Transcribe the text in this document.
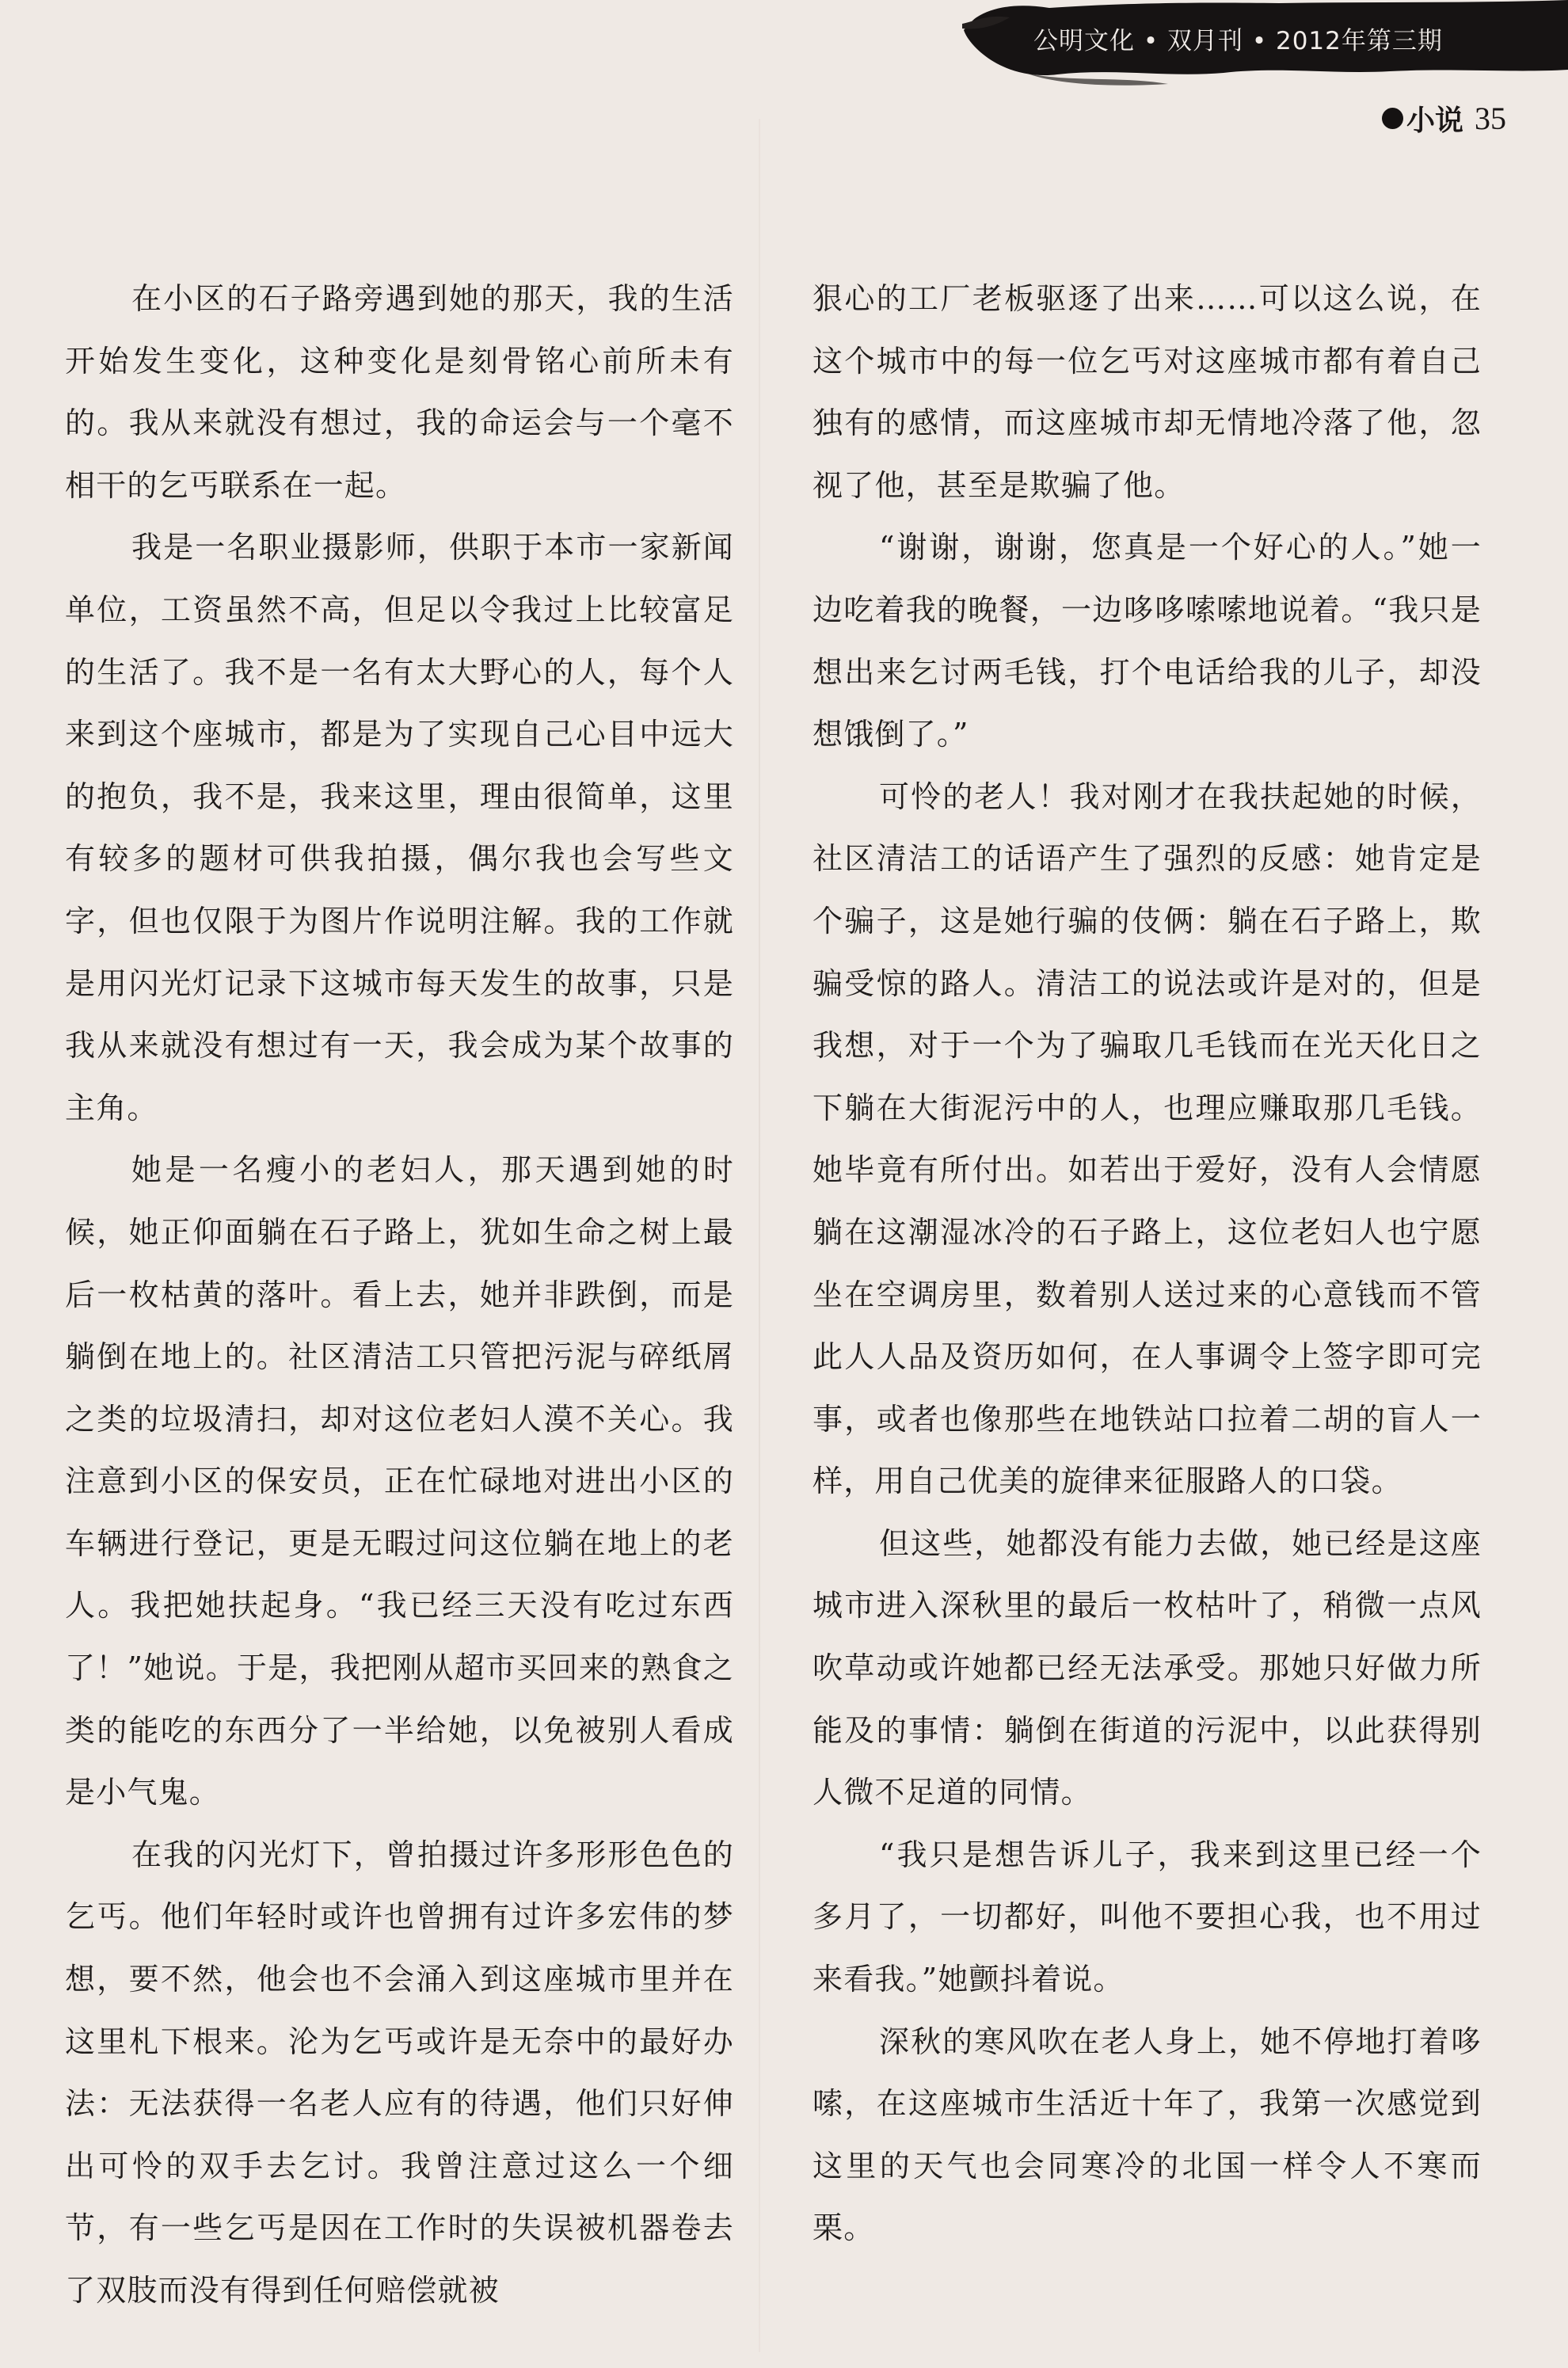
公明文化 • 双月刊 • 2012年第三期
小说 35

在小区的石子路旁遇到她的那天，我的生活开始发生变化，这种变化是刻骨铭心前所未有的。我从来就没有想过，我的命运会与一个毫不相干的乞丐联系在一起。

我是一名职业摄影师，供职于本市一家新闻单位，工资虽然不高，但足以令我过上比较富足的生活了。我不是一名有太大野心的人，每个人来到这个座城市，都是为了实现自己心目中远大的抱负，我不是，我来这里，理由很简单，这里有较多的题材可供我拍摄，偶尔我也会写些文字，但也仅限于为图片作说明注解。我的工作就是用闪光灯记录下这城市每天发生的故事，只是我从来就没有想过有一天，我会成为某个故事的主角。

她是一名瘦小的老妇人，那天遇到她的时候，她正仰面躺在石子路上，犹如生命之树上最后一枚枯黄的落叶。看上去，她并非跌倒，而是躺倒在地上的。社区清洁工只管把污泥与碎纸屑之类的垃圾清扫，却对这位老妇人漠不关心。我注意到小区的保安员，正在忙碌地对进出小区的车辆进行登记，更是无暇过问这位躺在地上的老人。我把她扶起身。“我已经三天没有吃过东西了！”她说。于是，我把刚从超市买回来的熟食之类的能吃的东西分了一半给她，以免被别人看成是小气鬼。

在我的闪光灯下，曾拍摄过许多形形色色的乞丐。他们年轻时或许也曾拥有过许多宏伟的梦想，要不然，他会也不会涌入到这座城市里并在这里札下根来。沦为乞丐或许是无奈中的最好办法：无法获得一名老人应有的待遇，他们只好伸出可怜的双手去乞讨。我曾注意过这么一个细节，有一些乞丐是因在工作时的失误被机器卷去了双肢而没有得到任何赔偿就被

狠心的工厂老板驱逐了出来……可以这么说，在这个城市中的每一位乞丐对这座城市都有着自己独有的感情，而这座城市却无情地冷落了他，忽视了他，甚至是欺骗了他。

“谢谢，谢谢，您真是一个好心的人。”她一边吃着我的晚餐，一边哆哆嗦嗦地说着。“我只是想出来乞讨两毛钱，打个电话给我的儿子，却没想饿倒了。”

可怜的老人！我对刚才在我扶起她的时候，社区清洁工的话语产生了强烈的反感：她肯定是个骗子，这是她行骗的伎俩：躺在石子路上，欺骗受惊的路人。清洁工的说法或许是对的，但是我想，对于一个为了骗取几毛钱而在光天化日之下躺在大街泥污中的人，也理应赚取那几毛钱。她毕竟有所付出。如若出于爱好，没有人会情愿躺在这潮湿冰冷的石子路上，这位老妇人也宁愿坐在空调房里，数着别人送过来的心意钱而不管此人人品及资历如何，在人事调令上签字即可完事，或者也像那些在地铁站口拉着二胡的盲人一样，用自己优美的旋律来征服路人的口袋。

但这些，她都没有能力去做，她已经是这座城市进入深秋里的最后一枚枯叶了，稍微一点风吹草动或许她都已经无法承受。那她只好做力所能及的事情：躺倒在街道的污泥中，以此获得别人微不足道的同情。

“我只是想告诉儿子，我来到这里已经一个多月了，一切都好，叫他不要担心我，也不用过来看我。”她颤抖着说。

深秋的寒风吹在老人身上，她不停地打着哆嗦，在这座城市生活近十年了，我第一次感觉到这里的天气也会同寒冷的北国一样令人不寒而栗。
